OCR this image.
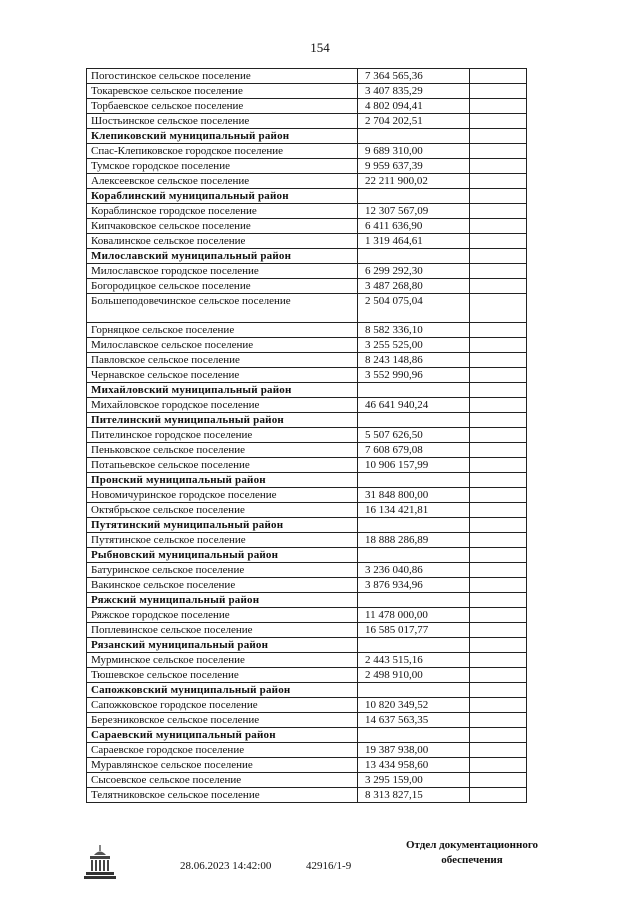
154
Погостинское сельское поселение	7 364 565,36	
Токаревское сельское поселение	3 407 835,29	
Торбаевское сельское поселение	4 802 094,41	
Шостьинское сельское поселение	2 704 202,51	
Клепиковский муниципальный район		
Спас-Клепиковское городское поселение	9 689 310,00	
Тумское городское поселение	9 959 637,39	
Алексеевское сельское поселение	22 211 900,02	
Кораблинский муниципальный район		
Кораблинское городское поселение	12 307 567,09	
Кипчаковское сельское поселение	6 411 636,90	
Ковалинское сельское поселение	1 319 464,61	
Милославский муниципальный район		
Милославское городское поселение	6 299 292,30	
Богородицкое сельское поселение	3 487 268,80	
Большеподовечинское сельское поселение	2 504 075,04	
Горняцкое сельское поселение	8 582 336,10	
Милославское сельское поселение	3 255 525,00	
Павловское сельское поселение	8 243 148,86	
Чернавское сельское поселение	3 552 990,96	
Михайловский муниципальный район		
Михайловское городское поселение	46 641 940,24	
Пителинский муниципальный район		
Пителинское городское поселение	5 507 626,50	
Пеньковское сельское поселение	7 608 679,08	
Потапьевское сельское поселение	10 906 157,99	
Пронский муниципальный район		
Новомичуринское городское поселение	31 848 800,00	
Октябрьское сельское поселение	16 134 421,81	
Путятинский муниципальный район		
Путятинское сельское поселение	18 888 286,89	
Рыбновский муниципальный район		
Батуринское сельское поселение	3 236 040,86	
Вакинское сельское поселение	3 876 934,96	
Ряжский муниципальный район		
Ряжское городское поселение	11 478 000,00	
Поплевинское сельское поселение	16 585 017,77	
Рязанский муниципальный район		
Мурминское сельское поселение	2 443 515,16	
Тюшевское сельское поселение	2 498 910,00	
Сапожковский муниципальный район		
Сапожковское городское поселение	10 820 349,52	
Березниковское сельское поселение	14 637 563,35	
Сараевский муниципальный район		
Сараевское городское поселение	19 387 938,00	
Муравлянское сельское поселение	13 434 958,60	
Сысоевское сельское поселение	3 295 159,00	
Телятниковское сельское поселение	8 313 827,15	
28.06.2023 14:42:00	42916/1-9
Отдел документационного
обеспечения
